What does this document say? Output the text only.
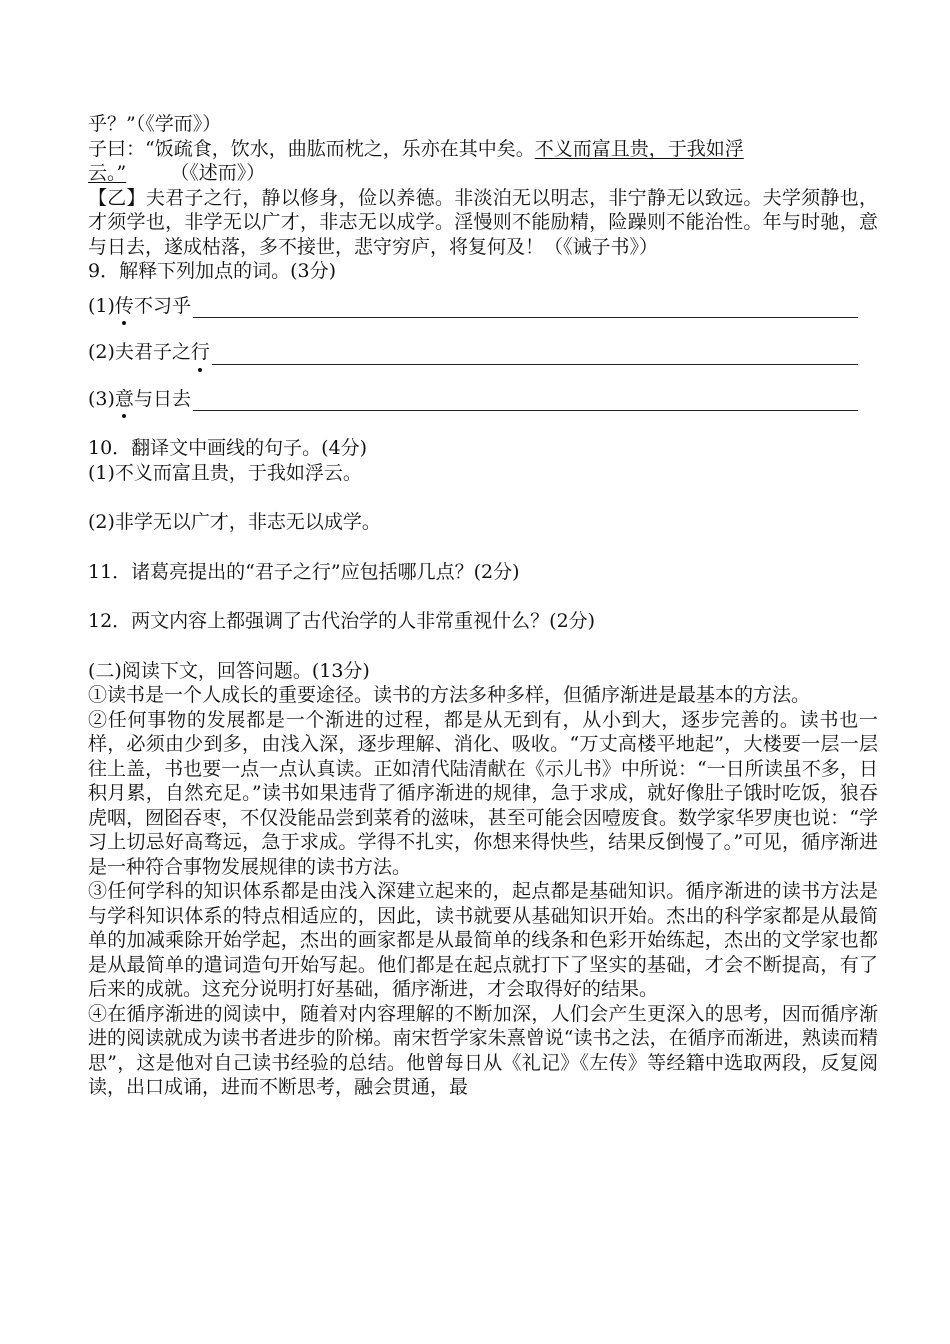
乎？”（《学而》）

子曰：“饭疏食，饮水，曲肱而枕之，乐亦在其中矣。不义而富且贵，于我如浮

云。” （《述而》）

【乙】夫君子之行，静以修身，俭以养德。非淡泊无以明志，非宁静无以致远。夫学须静也，才须学也，非学无以广才，非志无以成学。淫慢则不能励精，险躁则不能治性。年与时驰，意与日去，遂成枯落，多不接世，悲守穷庐，将复何及！（《诫子书》）

9．解释下列加点的词。(3分)

(1) 传 不习乎
(2)夫君子之 行
(3) 意 与日去

10．翻译文中画线的句子。(4分)

(1)不义而富且贵，于我如浮云。

(2)非学无以广才，非志无以成学。

11．诸葛亮提出的“君子之行”应包括哪几点？(2分)

12．两文内容上都强调了古代治学的人非常重视什么？(2分)

(二)阅读下文，回答问题。(13分)

①读书是一个人成长的重要途径。读书的方法多种多样，但循序渐进是最基本的方法。

②任何事物的发展都是一个渐进的过程，都是从无到有，从小到大，逐步完善的。读书也一样，必须由少到多，由浅入深，逐步理解、消化、吸收。“万丈高楼平地起”，大楼要一层一层往上盖，书也要一点一点认真读。正如清代陆清献在《示儿书》中所说：“一日所读虽不多，日积月累，自然充足。”读书如果违背了循序渐进的规律，急于求成，就好像肚子饿时吃饭，狼吞虎咽，囫囵吞枣，不仅没能品尝到菜肴的滋味，甚至可能会因噎废食。数学家华罗庚也说：“学习上切忌好高骛远，急于求成。学得不扎实，你想来得快些，结果反倒慢了。”可见，循序渐进是一种符合事物发展规律的读书方法。

③任何学科的知识体系都是由浅入深建立起来的，起点都是基础知识。循序渐进的读书方法是与学科知识体系的特点相适应的，因此，读书就要从基础知识开始。杰出的科学家都是从最简单的加减乘除开始学起，杰出的画家都是从最简单的线条和色彩开始练起，杰出的文学家也都是从最简单的遣词造句开始写起。他们都是在起点就打下了坚实的基础，才会不断提高，有了后来的成就。这充分说明打好基础，循序渐进，才会取得好的结果。

④在循序渐进的阅读中，随着对内容理解的不断加深，人们会产生更深入的思考，因而循序渐进的阅读就成为读书者进步的阶梯。南宋哲学家朱熹曾说“读书之法，在循序而渐进，熟读而精思”，这是他对自己读书经验的总结。他曾每日从《礼记》《左传》等经籍中选取两段，反复阅读，出口成诵，进而不断思考，融会贯通，最
